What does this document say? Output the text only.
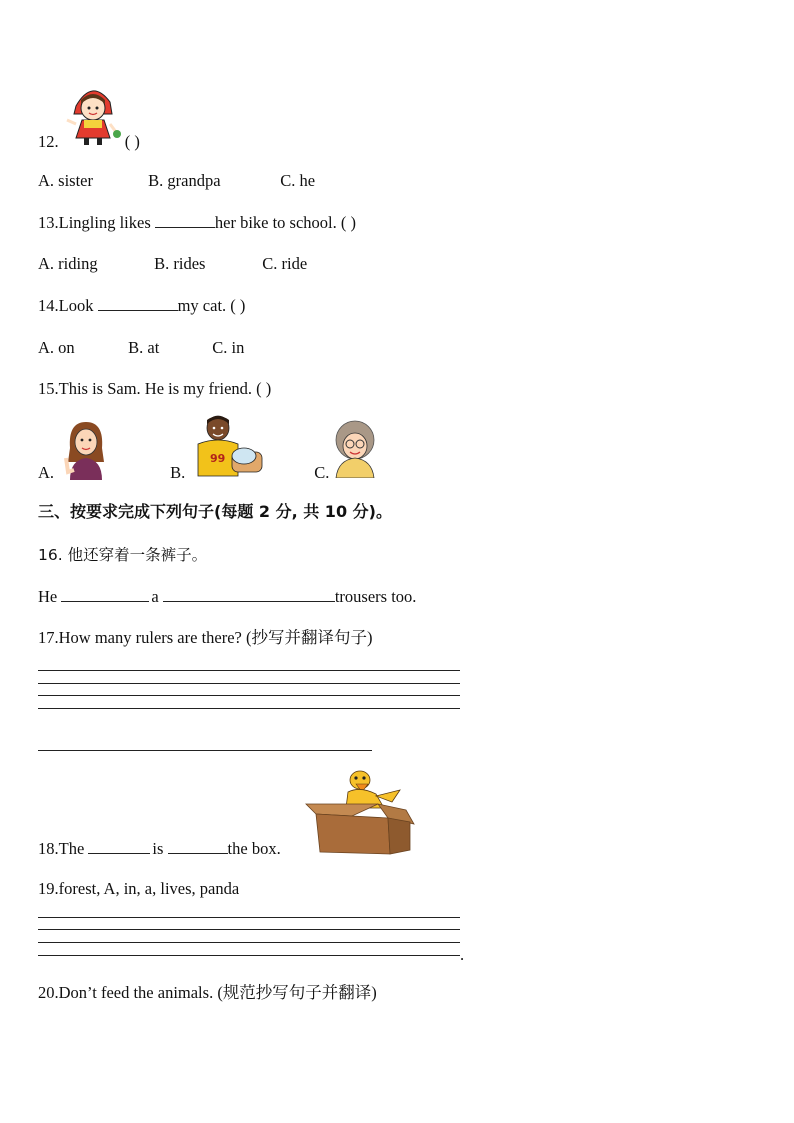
12.	( )
A. sister	B. grandpa	C. he
13.Lingling likes	her bike to school. ( )
A. riding	B. rides	C. ride
14.Look	my cat. ( )
A. on	B. at	C. in
15.This is Sam. He is my friend. ( )
A.	B.	C.
99
三、按要求完成下列句子(每题 2 分, 共 10 分)。
16. 他还穿着一条裤子。
He	a	trousers too.
17.How many rulers are there? (抄写并翻译句子)
18.The	is	the box.
19.forest, A, in, a, lives, panda
.
20.Don’t feed the animals. (规范抄写句子并翻译)
